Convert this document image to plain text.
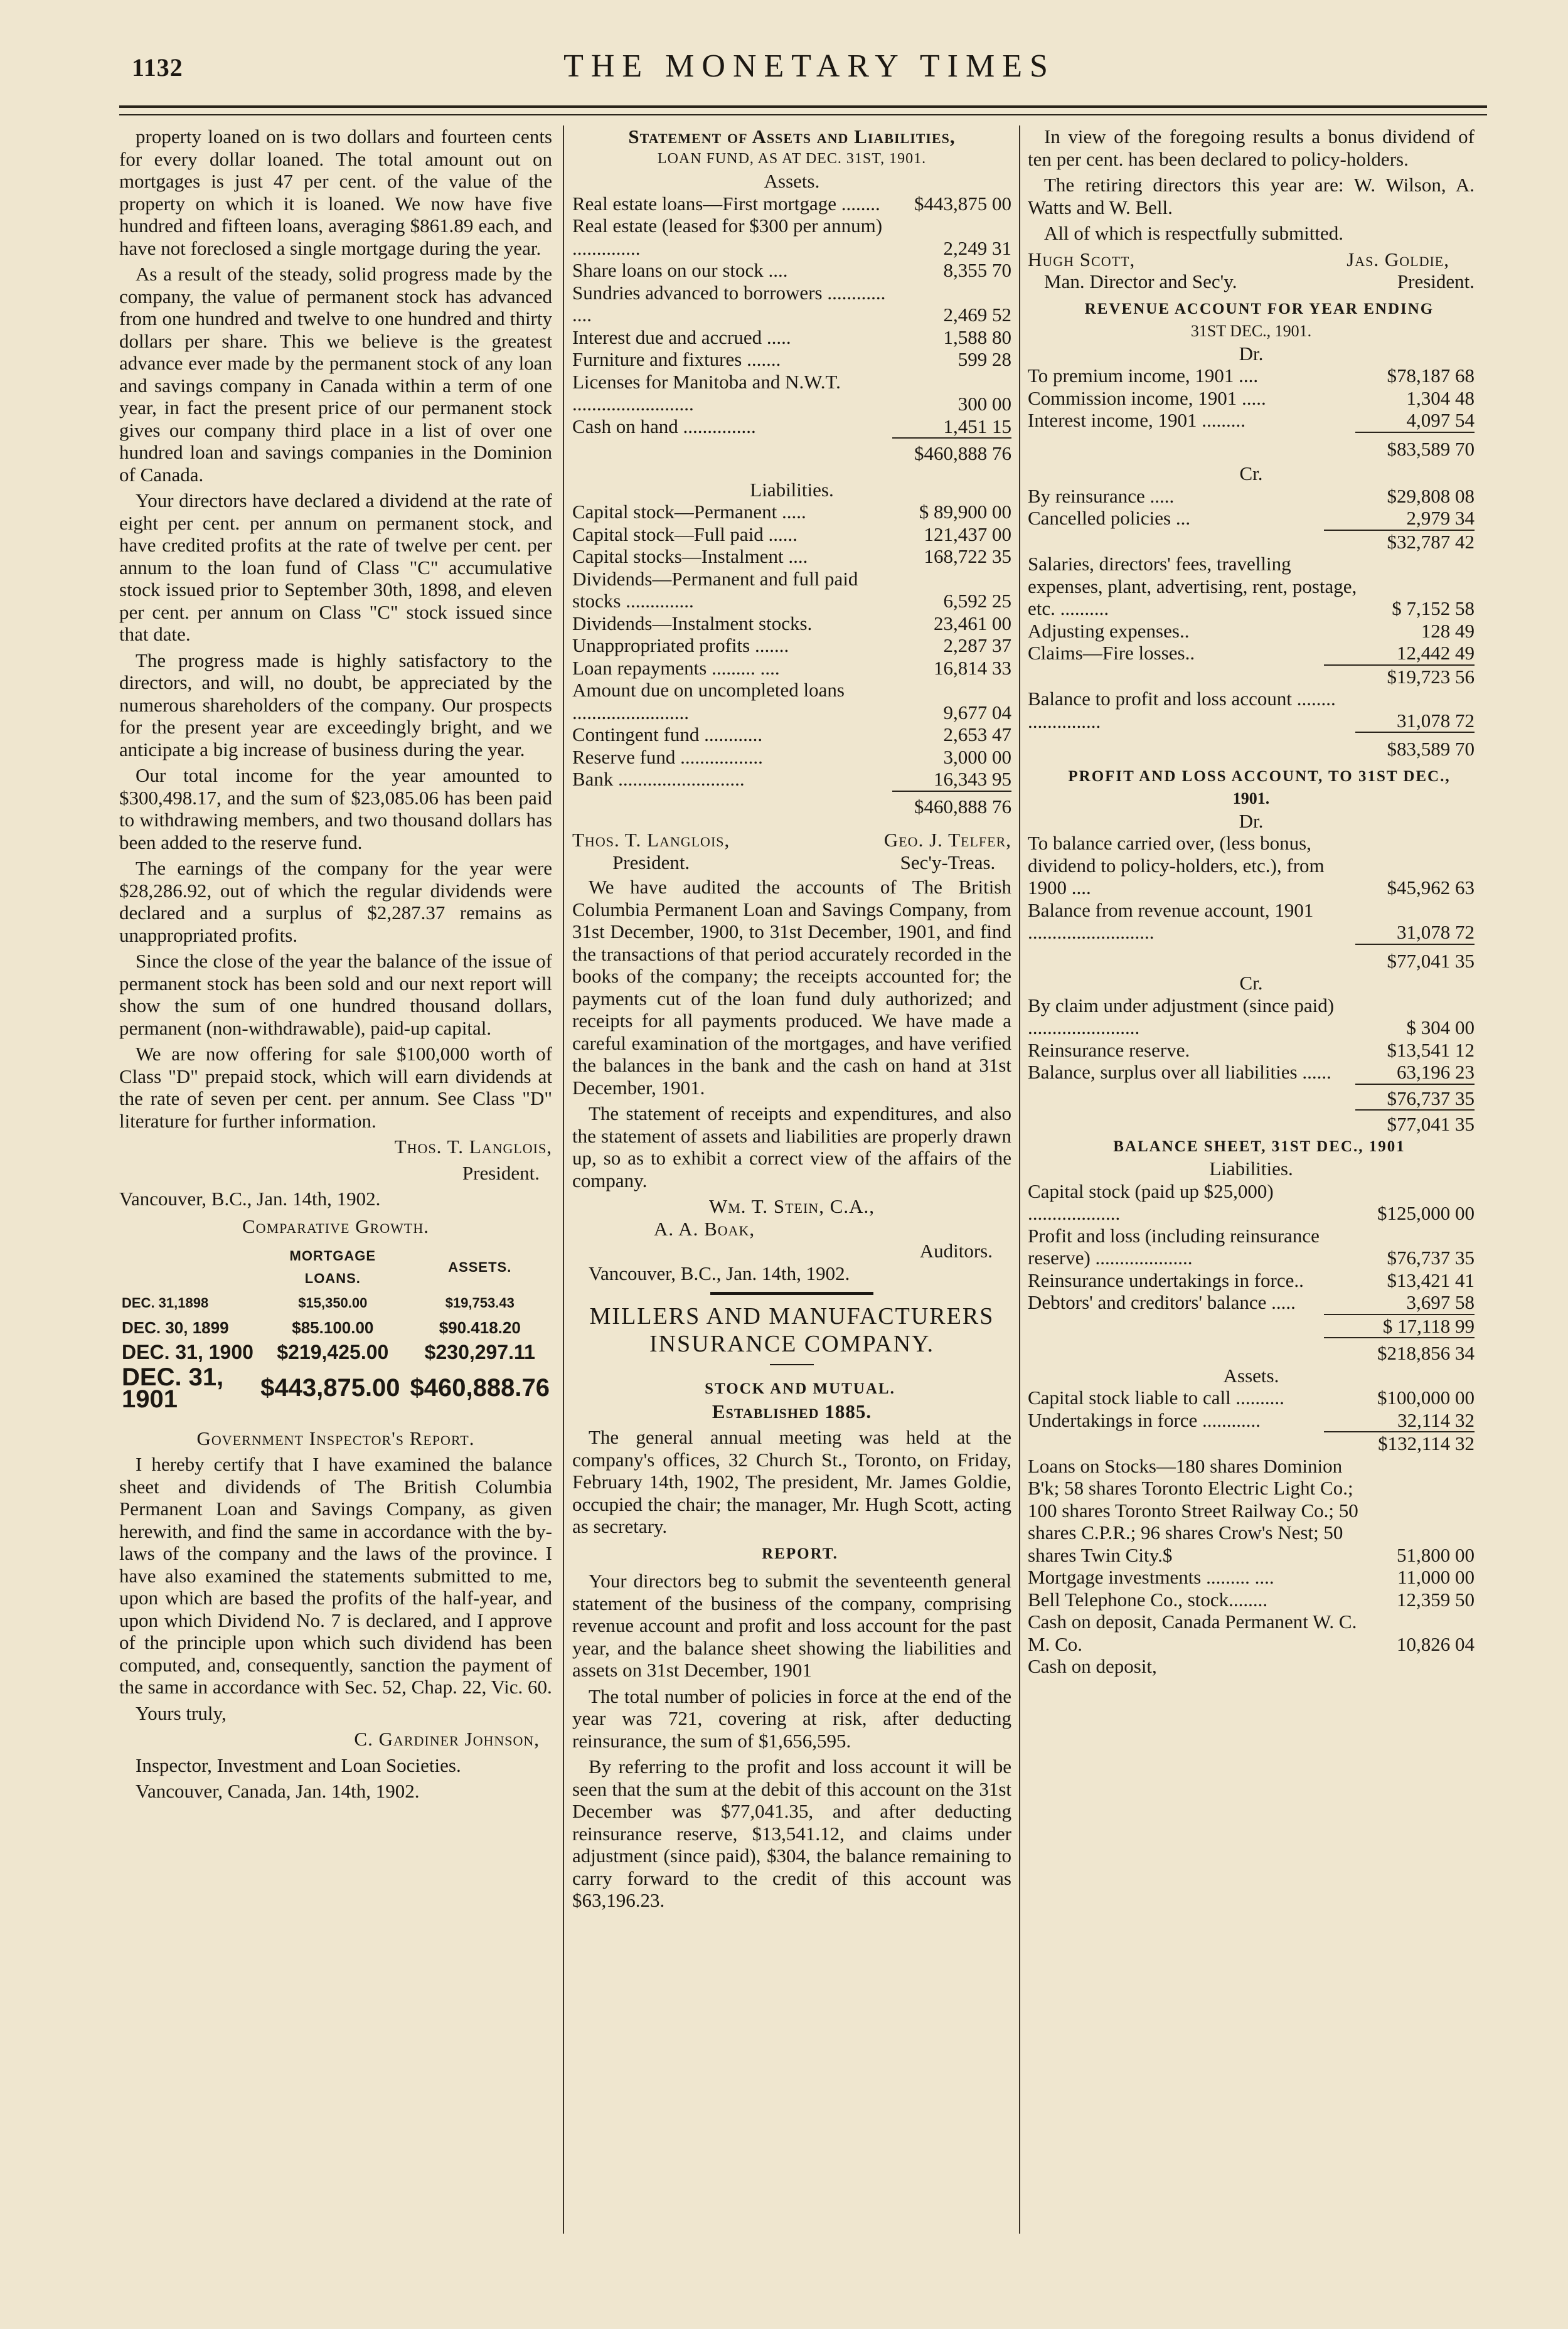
1132	THE MONETARY TIMES

property loaned on is two dollars and fourteen cents for every dollar loaned. The total amount out on mortgages is just 47 per cent. of the value of the property on which it is loaned. We now have five hundred and fifteen loans, averaging $861.89 each, and have not foreclosed a single mortgage during the year.

As a result of the steady, solid progress made by the company, the value of permanent stock has advanced from one hundred and twelve to one hundred and thirty dollars per share. This we believe is the greatest advance ever made by the permanent stock of any loan and savings company in Canada within a term of one year, in fact the present price of our permanent stock gives our company third place in a list of over one hundred loan and savings companies in the Dominion of Canada.

Your directors have declared a dividend at the rate of eight per cent. per annum on permanent stock, and have credited profits at the rate of twelve per cent. per annum to the loan fund of Class "C" accumulative stock issued prior to September 30th, 1898, and eleven per cent. per annum on Class "C" stock issued since that date.

The progress made is highly satisfactory to the directors, and will, no doubt, be appreciated by the numerous shareholders of the company. Our prospects for the present year are exceedingly bright, and we anticipate a big increase of business during the year.

Our total income for the year amounted to $300,498.17, and the sum of $23,085.06 has been paid to withdrawing members, and two thousand dollars has been added to the reserve fund.

The earnings of the company for the year were $28,286.92, out of which the regular dividends were declared and a surplus of $2,287.37 remains as unappropriated profits.

Since the close of the year the balance of the issue of permanent stock has been sold and our next report will show the sum of one hundred thousand dollars, permanent (non-withdrawable), paid-up capital.

We are now offering for sale $100,000 worth of Class "D" prepaid stock, which will earn dividends at the rate of seven per cent. per annum. See Class "D" literature for further information.

Thos. T. Langlois,

President.

Vancouver, B.C., Jan. 14th, 1902.

Comparative Growth.

	MORTGAGE LOANS.	ASSETS.
DEC. 31,1898	$15,350.00	$19,753.43
DEC. 30, 1899	$85.100.00	$90.418.20
DEC. 31, 1900	$219,425.00	$230,297.11
DEC. 31, 1901	$443,875.00	$460,888.76

Government Inspector's Report.

I hereby certify that I have examined the balance sheet and dividends of The British Columbia Permanent Loan and Savings Company, as given herewith, and find the same in accordance with the by-laws of the company and the laws of the province. I have also examined the statements submitted to me, upon which are based the profits of the half-year, and upon which Dividend No. 7 is declared, and I approve of the principle upon which such dividend has been computed, and, consequently, sanction the payment of the same in accordance with Sec. 52, Chap. 22, Vic. 60.

Yours truly,

C. Gardiner Johnson,

Inspector, Investment and Loan Societies.

Vancouver, Canada, Jan. 14th, 1902.

Statement of Assets and Liabilities,

LOAN FUND, AS AT DEC. 31ST, 1901.

Assets.

Real estate loans—First mortgage ........	$443,875 00
Real estate (leased for $300 per annum) ..............	2,249 31
Share loans on our stock ....	8,355 70
Sundries advanced to borrowers ............ ....	2,469 52
Interest due and accrued .....	1,588 80
Furniture and fixtures .......	599 28
Licenses for Manitoba and N.W.T. .........................	300 00
Cash on hand ...............	1,451 15
	$460,888 76

Liabilities.

Capital stock—Permanent .....	$ 89,900 00
Capital stock—Full paid ......	121,437 00
Capital stocks—Instalment ....	168,722 35
Dividends—Permanent and full paid stocks ..............	6,592 25
Dividends—Instalment stocks.	23,461 00
Unappropriated profits .......	2,287 37
Loan repayments ......... ....	16,814 33
Amount due on uncompleted loans ........................	9,677 04
Contingent fund ............	2,653 47
Reserve fund .................	3,000 00
Bank ..........................	16,343 95
	$460,888 76
Thos. T. Langlois,
President.
Geo. J. Telfer,
Sec'y-Treas.

We have audited the accounts of The British Columbia Permanent Loan and Savings Company, from 31st December, 1900, to 31st December, 1901, and find the transactions of that period accurately recorded in the books of the company; the receipts accounted for; the payments cut of the loan fund duly authorized; and receipts for all payments produced. We have made a careful examination of the mortgages, and have verified the balances in the bank and the cash on hand at 31st December, 1901.

The statement of receipts and expenditures, and also the statement of assets and liabilities are properly drawn up, so as to exhibit a correct view of the affairs of the company.

Wm. T. Stein, C.A.,

A. A. Boak,

Auditors.

Vancouver, B.C., Jan. 14th, 1902.

MILLERS AND MANUFACTURERS INSURANCE COMPANY.

STOCK AND MUTUAL.

Established 1885.

The general annual meeting was held at the company's offices, 32 Church St., Toronto, on Friday, February 14th, 1902, The president, Mr. James Goldie, occupied the chair; the manager, Mr. Hugh Scott, acting as secretary.

REPORT.

Your directors beg to submit the seventeenth general statement of the business of the company, comprising revenue account and profit and loss account for the past year, and the balance sheet showing the liabilities and assets on 31st December, 1901

The total number of policies in force at the end of the year was 721, covering at risk, after deducting reinsurance, the sum of $1,656,595.

By referring to the profit and loss account it will be seen that the sum at the debit of this account on the 31st December was $77,041.35, and after deducting reinsurance reserve, $13,541.12, and claims under adjustment (since paid), $304, the balance remaining to carry forward to the credit of this account was $63,196.23.

In view of the foregoing results a bonus dividend of ten per cent. has been declared to policy-holders.

The retiring directors this year are: W. Wilson, A. Watts and W. Bell.

All of which is respectfully submitted.

Hugh Scott,	Jas. Goldie,
Man. Director and Sec'y.	President.

REVENUE ACCOUNT FOR YEAR ENDING

31ST DEC., 1901.

Dr.

To premium income, 1901 ....	$78,187 68
Commission income, 1901 .....	1,304 48
Interest income, 1901 .........	4,097 54
	$83,589 70

Cr.

By reinsurance .....	$29,808 08
Cancelled policies ...	2,979 34
	$32,787 42
Salaries, directors' fees, travelling expenses, plant, advertising, rent, postage, etc. ..........	$ 7,152 58
Adjusting expenses..	128 49
Claims—Fire losses..	12,442 49
	$19,723 56
Balance to profit and loss account ........ ...............	31,078 72
	$83,589 70

PROFIT AND LOSS ACCOUNT, TO 31ST DEC.,

1901.

Dr.

To balance carried over, (less bonus, dividend to policy-holders, etc.), from 1900 ....	$45,962 63
Balance from revenue account, 1901 ..........................	31,078 72
	$77,041 35

Cr.

By claim under adjustment (since paid) .......................	$ 304 00
Reinsurance reserve.	$13,541 12
Balance, surplus over all liabilities ......	63,196 23
	$76,737 35
	$77,041 35

BALANCE SHEET, 31ST DEC., 1901

Liabilities.

Capital stock (paid up $25,000) ...................	$125,000 00
Profit and loss (including reinsurance reserve) ....................	$76,737 35
Reinsurance undertakings in force..	$13,421 41
Debtors' and creditors' balance .....	3,697 58
	$ 17,118 99
	$218,856 34

Assets.

Capital stock liable to call ..........	$100,000 00
Undertakings in force ............	32,114 32
	$132,114 32
Loans on Stocks—180 shares Dominion B'k; 58 shares Toronto Electric Light Co.; 100 shares Toronto Street Railway Co.; 50 shares C.P.R.; 96 shares Crow's Nest; 50 shares Twin City.$	51,800 00
Mortgage investments ......... ....	11,000 00
Bell Telephone Co., stock........	12,359 50
Cash on deposit, Canada Permanent W. C. M. Co.	10,826 04
Cash on deposit,	
